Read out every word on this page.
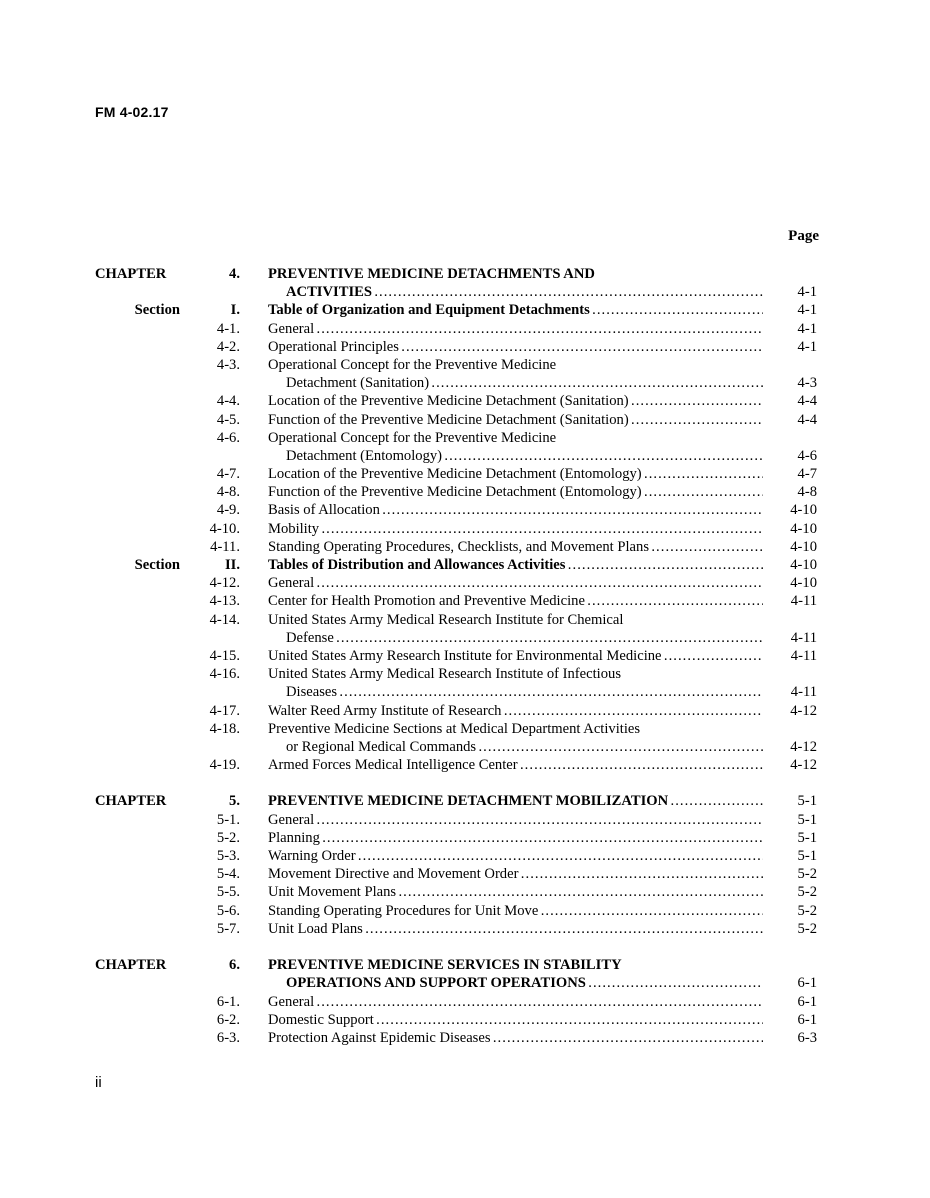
FM 4-02.17
Page
CHAPTER	4. PREVENTIVE MEDICINE DETACHMENTS AND
ACTIVITIES . . .	4-1
Section	I. Table of Organization and Equipment Detachments . . .	4-1
4-1. General . . .	4-1
4-2. Operational Principles . . .	4-1
4-3. Operational Concept for the Preventive Medicine
Detachment (Sanitation) . . .	4-3
4-4. Location of the Preventive Medicine Detachment (Sanitation) . . .	4-4
4-5. Function of the Preventive Medicine Detachment (Sanitation) . . .	4-4
4-6. Operational Concept for the Preventive Medicine
Detachment (Entomology) . . .	4-6
4-7. Location of the Preventive Medicine Detachment (Entomology) . . .	4-7
4-8. Function of the Preventive Medicine Detachment (Entomology) . . .	4-8
4-9. Basis of Allocation . . .	4-10
4-10. Mobility . . .	4-10
4-11. Standing Operating Procedures, Checklists, and Movement Plans . . .	4-10
Section	II. Tables of Distribution and Allowances Activities . . .	4-10
4-12. General . . .	4-10
4-13. Center for Health Promotion and Preventive Medicine . . .	4-11
4-14. United States Army Medical Research Institute for Chemical
Defense . . .	4-11
4-15. United States Army Research Institute for Environmental Medicine . . .	4-11
4-16. United States Army Medical Research Institute of Infectious
Diseases . . .	4-11
4-17. Walter Reed Army Institute of Research . . .	4-12
4-18. Preventive Medicine Sections at Medical Department Activities
or Regional Medical Commands . . .	4-12
4-19. Armed Forces Medical Intelligence Center . . .	4-12
CHAPTER	5. PREVENTIVE MEDICINE DETACHMENT MOBILIZATION . . .	5-1
5-1. General . . .	5-1
5-2. Planning . . .	5-1
5-3. Warning Order . . .	5-1
5-4. Movement Directive and Movement Order . . .	5-2
5-5. Unit Movement Plans . . .	5-2
5-6. Standing Operating Procedures for Unit Move . . .	5-2
5-7. Unit Load Plans . . .	5-2
CHAPTER	6. PREVENTIVE MEDICINE SERVICES IN STABILITY
OPERATIONS AND SUPPORT OPERATIONS . . .	6-1
6-1. General . . .	6-1
6-2. Domestic Support . . .	6-1
6-3. Protection Against Epidemic Diseases . . .	6-3
ii
